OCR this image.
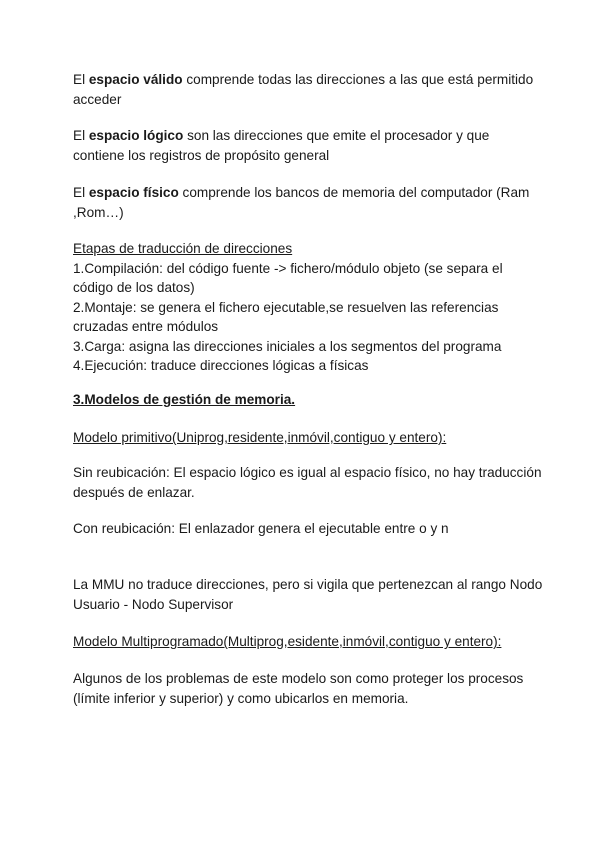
El espacio válido comprende todas las direcciones a las que está permitido acceder

El espacio lógico son las direcciones que emite el procesador y que contiene los registros de propósito general

El espacio físico comprende los bancos de memoria del computador (Ram ,Rom…)

Etapas de traducción de direcciones
1.Compilación: del código fuente -> fichero/módulo objeto (se separa el código de los datos)
2.Montaje: se genera el fichero ejecutable,se resuelven las referencias cruzadas entre módulos
3.Carga: asigna las direcciones iniciales a los segmentos del programa
4.Ejecución: traduce direcciones lógicas a físicas
3.Modelos de gestión de memoria.
Modelo primitivo(Uniprog,residente,inmóvil,contiguo y entero):

Sin reubicación: El espacio lógico es igual al espacio físico, no hay traducción después de enlazar.

Con reubicación: El enlazador genera el ejecutable entre o y n

La MMU no traduce direcciones, pero si vigila que pertenezcan al rango Nodo Usuario - Nodo Supervisor

Modelo Multiprogramado(Multiprog,esidente,inmóvil,contiguo y entero):

Algunos de los problemas de este modelo son como proteger los procesos (límite inferior y superior) y como ubicarlos en memoria.
